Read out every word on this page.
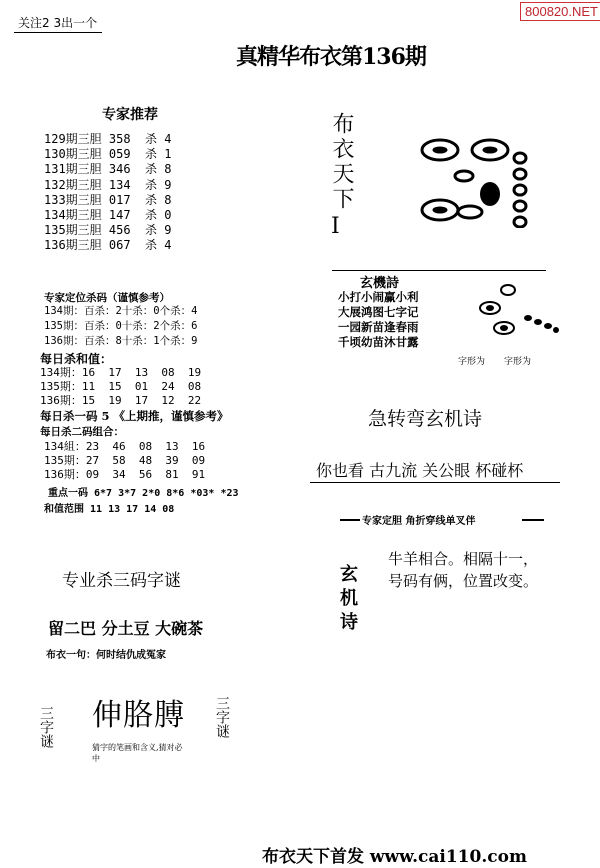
800820.NET
关注2 3出一个
真精华布衣第136期
专家推荐
129期三胆 358  杀 4
130期三胆 059  杀 1
131期三胆 346  杀 8
132期三胆 134  杀 9
133期三胆 017  杀 8
134期三胆 147  杀 0
135期三胆 456  杀 9
136期三胆 067  杀 4
专家定位杀码（谨慎参考）
134期：百杀：2十杀：0个杀：4
135期：百杀：0十杀：2个杀：6
136期：百杀：8十杀：1个杀：9
每日杀和值：
134期：16  17  13  08  19
135期：11  15  01  24  08
136期：15  19  17  12  22
每日杀一码 5 《上期推，谨慎参考》
每日杀二码组合：
134組：23  46  08  13  16
135期：27  58  48  39  09
136期：09  34  56  81  91
重点一码 6*7 3*7 2*0 8*6 *03* *23
和值范围 11 13 17 14 08
专业杀三码字谜
留二巴 分土豆 大碗茶
布衣一句：何时结仇成冤家
三字谜 伸胳膊
猜字的笔画和含义,猜对必中
三字谜
布衣天下
I
玄機詩
小打小闹赢小利
大展鸿图七字记
一园新苗逢春雨
千顷幼苗沐甘露
字形为 字形为
急转弯玄机诗
你也看 古九流 关公眼 杯碰杯
专家定胆 角折穿线单叉伴
玄机诗
牛羊相合。相隔十一，
号码有俩，位置改变。
布衣天下首发 www.cai110.com
